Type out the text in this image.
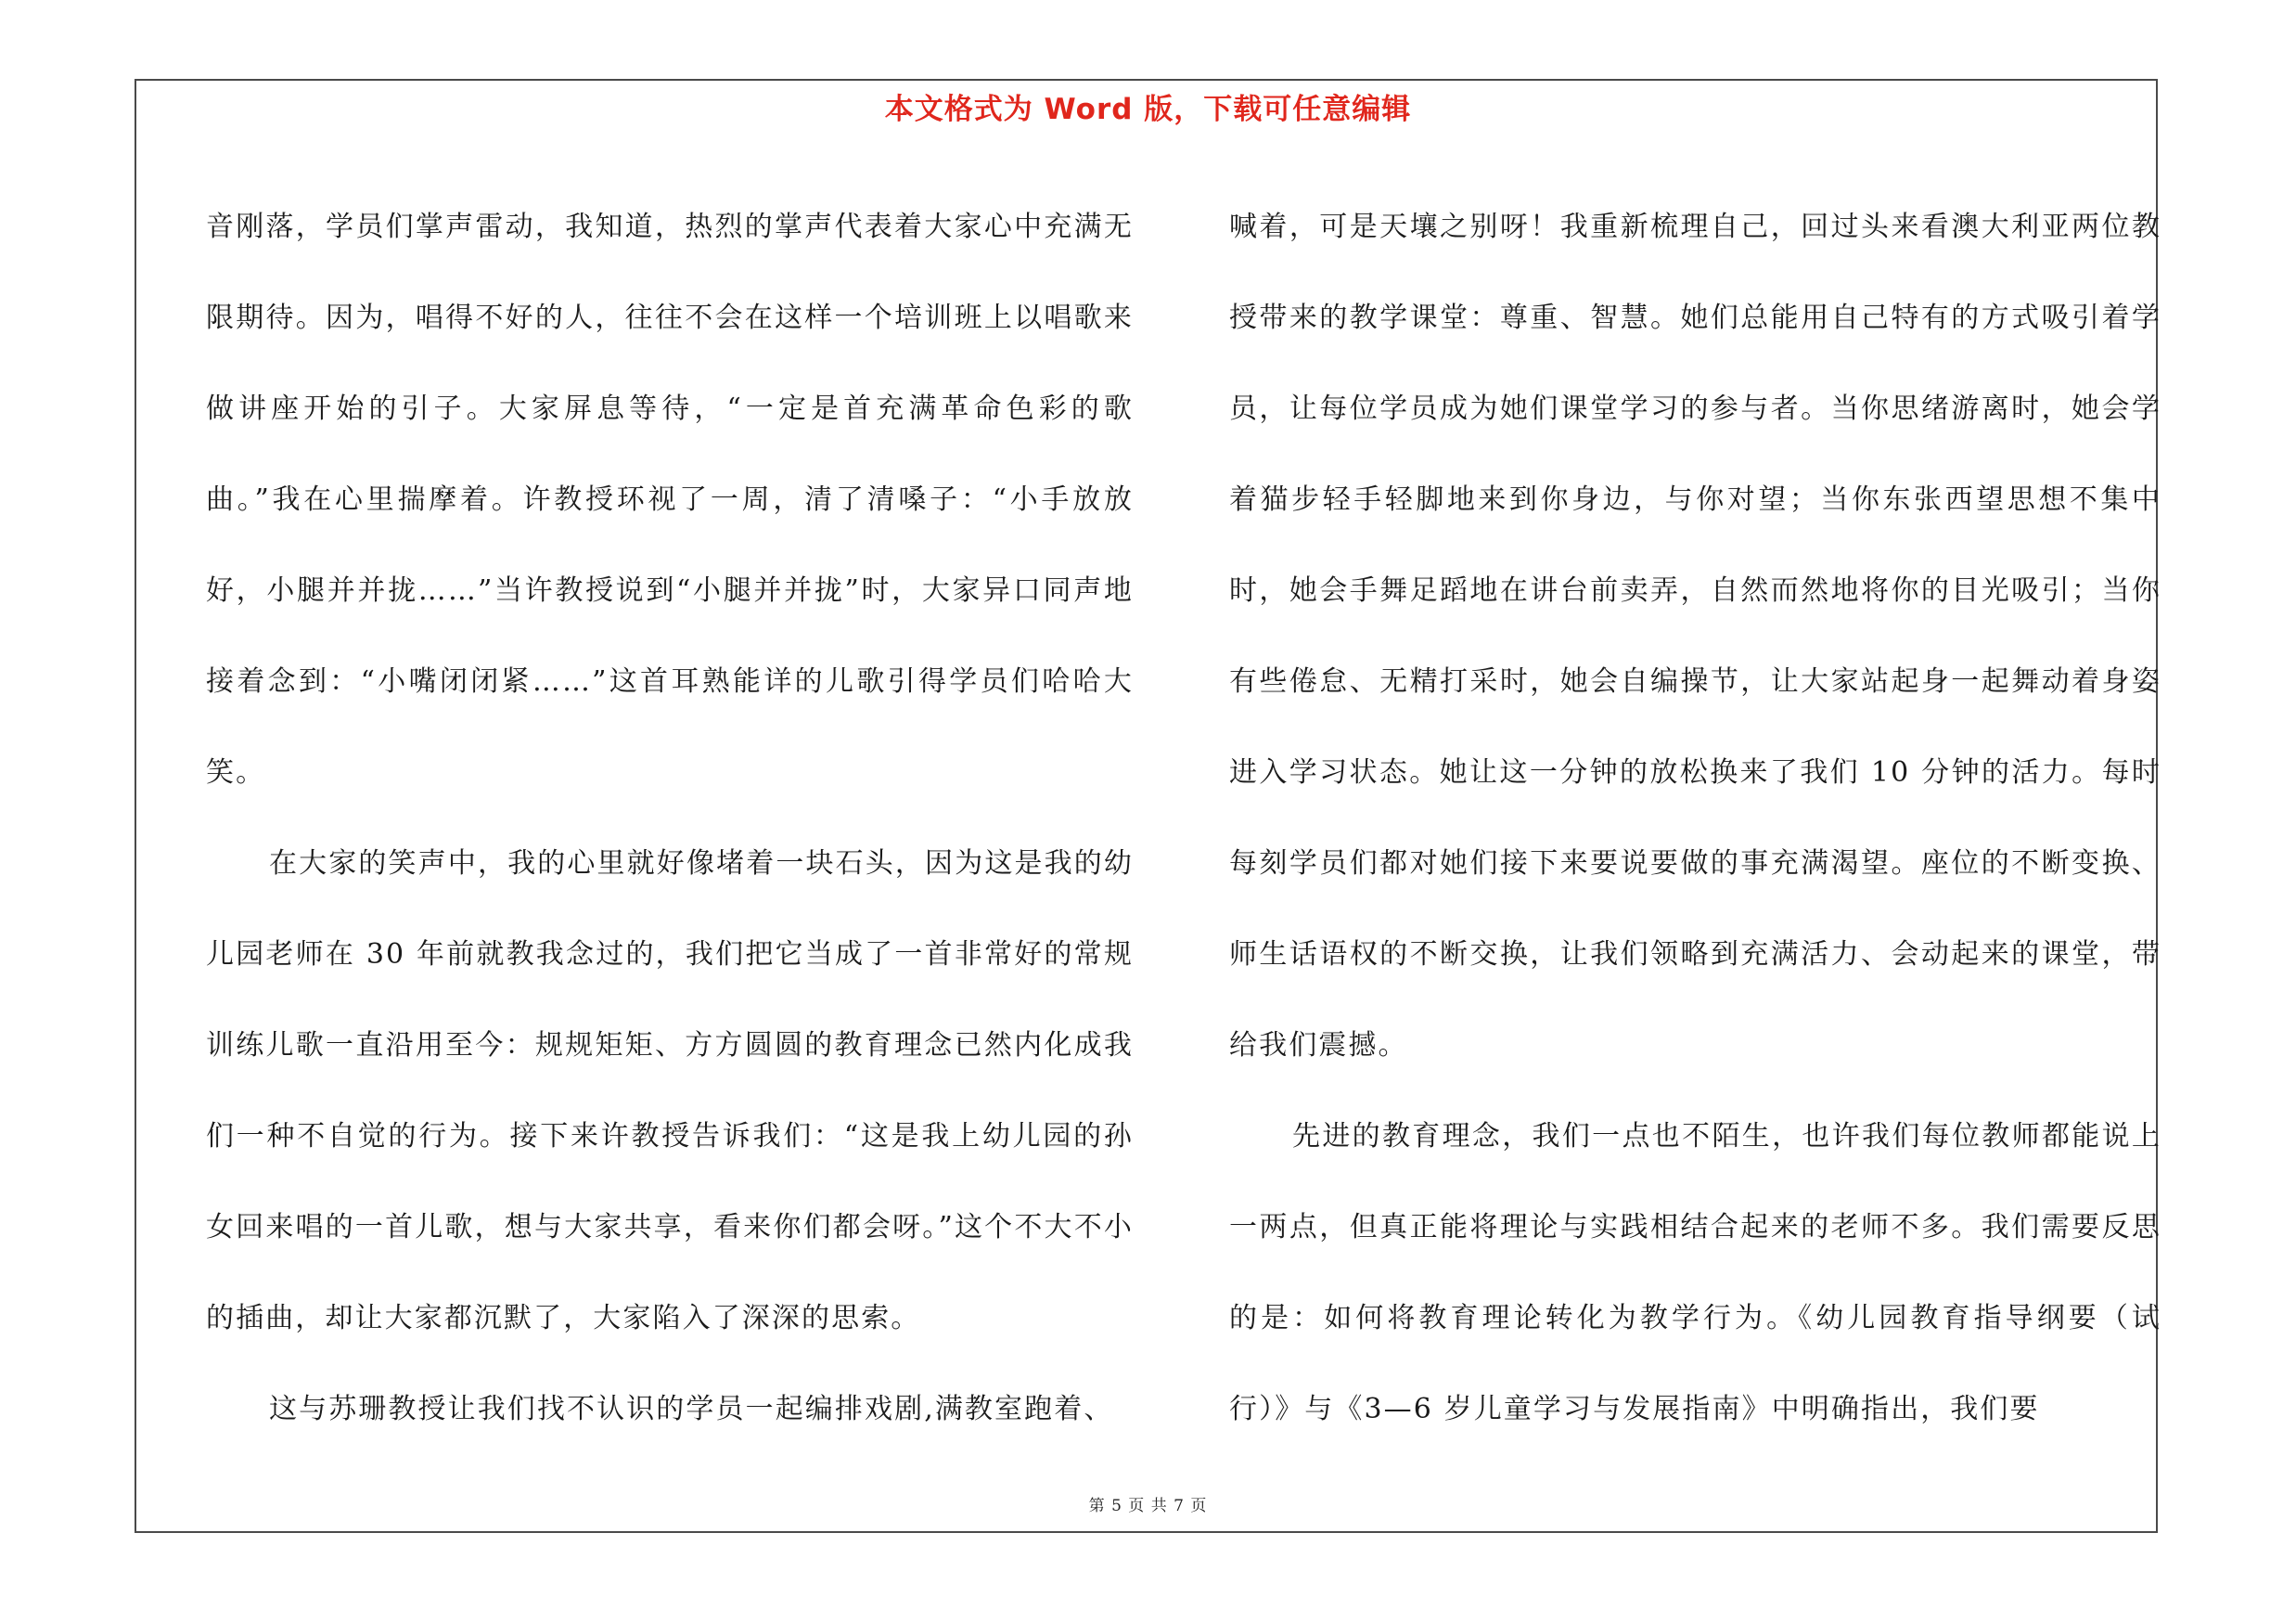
本文格式为 Word 版，下载可任意编辑

音刚落，学员们掌声雷动，我知道，热烈的掌声代表着大家心中充满无限期待。因为，唱得不好的人，往往不会在这样一个培训班上以唱歌来做讲座开始的引子。大家屏息等待，“一定是首充满革命色彩的歌曲。”我在心里揣摩着。许教授环视了一周，清了清嗓子：“小手放放好，小腿并并拢……”当许教授说到“小腿并并拢”时，大家异口同声地接着念到：“小嘴闭闭紧……”这首耳熟能详的儿歌引得学员们哈哈大笑。

在大家的笑声中，我的心里就好像堵着一块石头，因为这是我的幼儿园老师在 30 年前就教我念过的，我们把它当成了一首非常好的常规训练儿歌一直沿用至今：规规矩矩、方方圆圆的教育理念已然内化成我们一种不自觉的行为。接下来许教授告诉我们：“这是我上幼儿园的孙女回来唱的一首儿歌，想与大家共享，看来你们都会呀。”这个不大不小的插曲，却让大家都沉默了，大家陷入了深深的思索。

这与苏珊教授让我们找不认识的学员一起编排戏剧,满教室跑着、

喊着，可是天壤之别呀！我重新梳理自己，回过头来看澳大利亚两位教授带来的教学课堂：尊重、智慧。她们总能用自己特有的方式吸引着学员，让每位学员成为她们课堂学习的参与者。当你思绪游离时，她会学着猫步轻手轻脚地来到你身边，与你对望；当你东张西望思想不集中时，她会手舞足蹈地在讲台前卖弄，自然而然地将你的目光吸引；当你有些倦怠、无精打采时，她会自编操节，让大家站起身一起舞动着身姿进入学习状态。她让这一分钟的放松换来了我们 10 分钟的活力。每时每刻学员们都对她们接下来要说要做的事充满渴望。座位的不断变换、师生话语权的不断交换，让我们领略到充满活力、会动起来的课堂，带给我们震撼。

先进的教育理念，我们一点也不陌生，也许我们每位教师都能说上一两点，但真正能将理论与实践相结合起来的老师不多。我们需要反思的是：如何将教育理论转化为教学行为。《幼儿园教育指导纲要（试行）》与《3—6 岁儿童学习与发展指南》中明确指出，我们要

第 5 页 共 7 页
